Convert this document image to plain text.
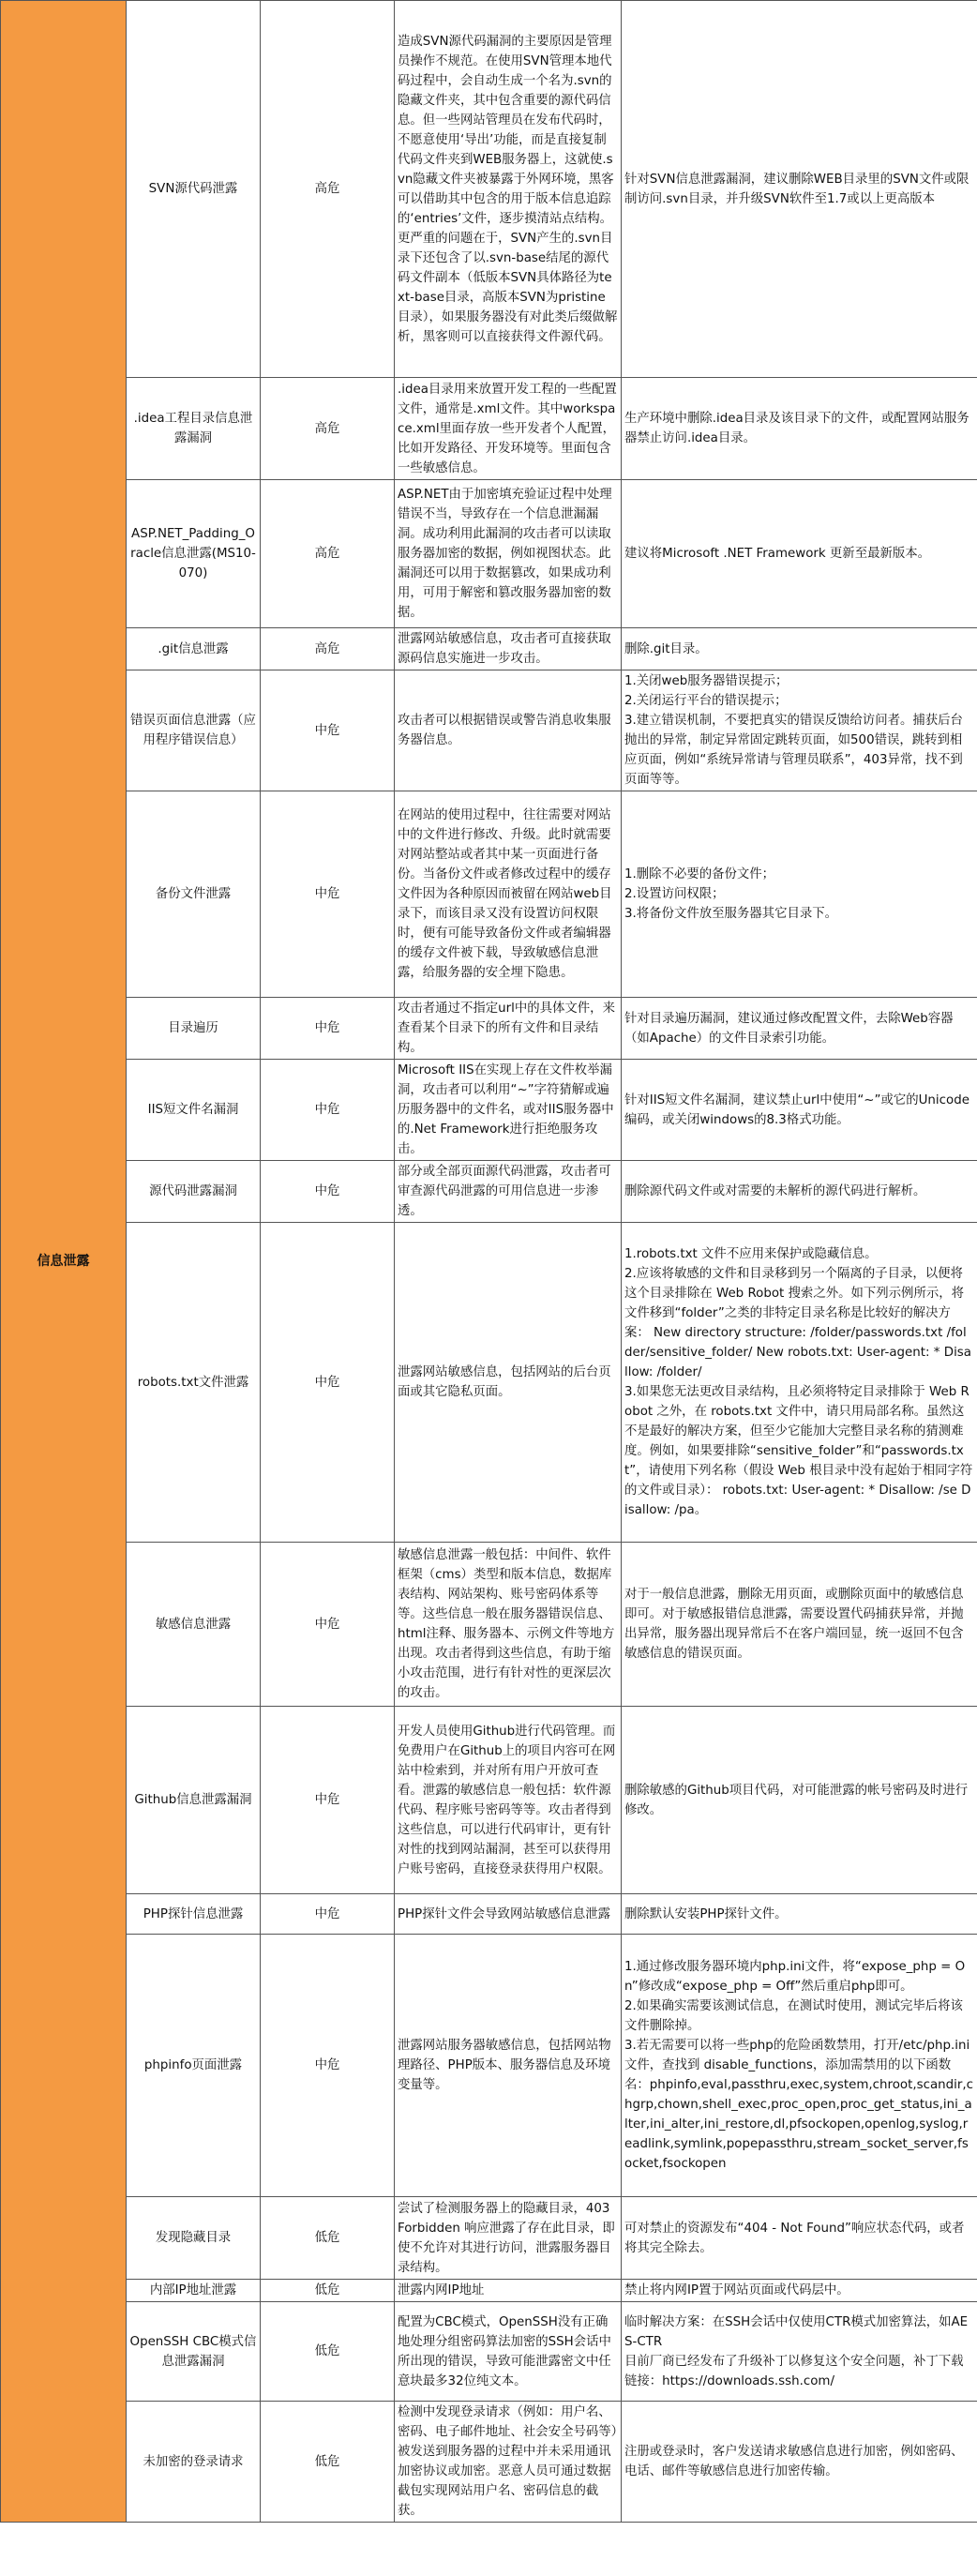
信息泄露	SVN源代码泄露	高危	造成SVN源代码漏洞的主要原因是管理员操作不规范。在使用SVN管理本地代码过程中，会自动生成一个名为.svn的隐藏文件夹，其中包含重要的源代码信息。但一些网站管理员在发布代码时，不愿意使用‘导出’功能，而是直接复制代码文件夹到WEB服务器上，这就使.svn隐藏文件夹被暴露于外网环境，黑客可以借助其中包含的用于版本信息追踪的‘entries’文件，逐步摸清站点结构。
更严重的问题在于，SVN产生的.svn目录下还包含了以.svn-base结尾的源代码文件副本（低版本SVN具体路径为text-base目录，高版本SVN为pristine目录），如果服务器没有对此类后缀做解析，黑客则可以直接获得文件源代码。	针对SVN信息泄露漏洞，建议删除WEB目录里的SVN文件或限制访问.svn目录，并升级SVN软件至1.7或以上更高版本

	.idea工程目录信息泄露漏洞	高危	.idea目录用来放置开发工程的一些配置文件，通常是.xml文件。其中workspace.xml里面存放一些开发者个人配置，比如开发路径、开发环境等。里面包含一些敏感信息。	生产环境中删除.idea目录及该目录下的文件，或配置网站服务器禁止访问.idea目录。

	ASP.NET_Padding_Oracle信息泄露(MS10-070)	高危	ASP.NET由于加密填充验证过程中处理错误不当，导致存在一个信息泄漏漏洞。成功利用此漏洞的攻击者可以读取服务器加密的数据，例如视图状态。此漏洞还可以用于数据篡改，如果成功利用，可用于解密和篡改服务器加密的数据。	建议将Microsoft .NET Framework 更新至最新版本。

	.git信息泄露	高危	泄露网站敏感信息，攻击者可直接获取源码信息实施进一步攻击。	删除.git目录。

	错误页面信息泄露（应用程序错误信息）	中危	攻击者可以根据错误或警告消息收集服务器信息。	1.关闭web服务器错误提示；
2.关闭运行平台的错误提示；
3.建立错误机制，不要把真实的错误反馈给访问者。捕获后台抛出的异常，制定异常固定跳转页面，如500错误，跳转到相应页面，例如“系统异常请与管理员联系”，403异常，找不到页面等等。

	备份文件泄露	中危	在网站的使用过程中，往往需要对网站中的文件进行修改、升级。此时就需要对网站整站或者其中某一页面进行备份。当备份文件或者修改过程中的缓存文件因为各种原因而被留在网站web目录下，而该目录又没有设置访问权限时，便有可能导致备份文件或者编辑器的缓存文件被下载，导致敏感信息泄露，给服务器的安全埋下隐患。	1.删除不必要的备份文件；
2.设置访问权限；
3.将备份文件放至服务器其它目录下。

	目录遍历	中危	攻击者通过不指定url中的具体文件，来查看某个目录下的所有文件和目录结构。	针对目录遍历漏洞，建议通过修改配置文件，去除Web容器（如Apache）的文件目录索引功能。

	IIS短文件名漏洞	中危	Microsoft IIS在实现上存在文件枚举漏洞，攻击者可以利用“~”字符猜解或遍历服务器中的文件名，或对IIS服务器中的.Net Framework进行拒绝服务攻击。	针对IIS短文件名漏洞，建议禁止url中使用“~”或它的Unicode编码，或关闭windows的8.3格式功能。

	源代码泄露漏洞	中危	部分或全部页面源代码泄露，攻击者可审查源代码泄露的可用信息进一步渗透。	删除源代码文件或对需要的未解析的源代码进行解析。

	robots.txt文件泄露	中危	泄露网站敏感信息，包括网站的后台页面或其它隐私页面。	1.robots.txt 文件不应用来保护或隐藏信息。
2.应该将敏感的文件和目录移到另一个隔离的子目录，以便将这个目录排除在 Web Robot 搜索之外。如下列示例所示，将文件移到“folder”之类的非特定目录名称是比较好的解决方案： New directory structure: /folder/passwords.txt /folder/sensitive_folder/ New robots.txt: User-agent: * Disallow: /folder/
3.如果您无法更改目录结构，且必须将特定目录排除于 Web Robot 之外，在 robots.txt 文件中，请只用局部名称。虽然这不是最好的解决方案，但至少它能加大完整目录名称的猜测难度。例如，如果要排除“sensitive_folder”和“passwords.txt”，请使用下列名称（假设 Web 根目录中没有起始于相同字符的文件或目录）： robots.txt: User-agent: * Disallow: /se Disallow: /pa。

	敏感信息泄露	中危	敏感信息泄露一般包括：中间件、软件框架（cms）类型和版本信息，数据库表结构、网站架构、账号密码体系等等。这些信息一般在服务器错误信息、html注释、服务器本、示例文件等地方出现。攻击者得到这些信息，有助于缩小攻击范围，进行有针对性的更深层次的攻击。	对于一般信息泄露，删除无用页面，或删除页面中的敏感信息即可。对于敏感报错信息泄露，需要设置代码捕获异常，并抛出异常，服务器出现异常后不在客户端回显，统一返回不包含敏感信息的错误页面。

	Github信息泄露漏洞	中危	开发人员使用Github进行代码管理。而免费用户在Github上的项目内容可在网站中检索到，并对所有用户开放可查看。泄露的敏感信息一般包括：软件源代码、程序账号密码等等。攻击者得到这些信息，可以进行代码审计，更有针对性的找到网站漏洞，甚至可以获得用户账号密码，直接登录获得用户权限。	删除敏感的Github项目代码，对可能泄露的帐号密码及时进行修改。

	PHP探针信息泄露	中危	PHP探针文件会导致网站敏感信息泄露	删除默认安装PHP探针文件。

	phpinfo页面泄露	中危	泄露网站服务器敏感信息，包括网站物理路径、PHP版本、服务器信息及环境变量等。	1.通过修改服务器环境内php.ini文件，将“expose_php = On”修改成“expose_php = Off”然后重启php即可。
2.如果确实需要该测试信息，在测试时使用，测试完毕后将该文件删除掉。
3.若无需要可以将一些php的危险函数禁用，打开/etc/php.ini文件，查找到 disable_functions，添加需禁用的以下函数名：phpinfo,eval,passthru,exec,system,chroot,scandir,chgrp,chown,shell_exec,proc_open,proc_get_status,ini_alter,ini_alter,ini_restore,dl,pfsockopen,openlog,syslog,readlink,symlink,popepassthru,stream_socket_server,fsocket,fsockopen

	发现隐藏目录	低危	尝试了检测服务器上的隐藏目录，403 Forbidden 响应泄露了存在此目录，即使不允许对其进行访问，泄露服务器目录结构。	可对禁止的资源发布“404 - Not Found”响应状态代码，或者将其完全除去。

	内部IP地址泄露	低危	泄露内网IP地址	禁止将内网IP置于网站页面或代码层中。

	OpenSSH CBC模式信息泄露漏洞	低危	配置为CBC模式，OpenSSH没有正确地处理分组密码算法加密的SSH会话中所出现的错误，导致可能泄露密文中任意块最多32位纯文本。	临时解决方案：在SSH会话中仅使用CTR模式加密算法，如AES-CTR
目前厂商已经发布了升级补丁以修复这个安全问题，补丁下载链接：https://downloads.ssh.com/

	未加密的登录请求	低危	检测中发现登录请求（例如：用户名、密码、电子邮件地址、社会安全号码等）被发送到服务器的过程中并未采用通讯加密协议或加密。恶意人员可通过数据截包实现网站用户名、密码信息的截获。	注册或登录时，客户发送请求敏感信息进行加密，例如密码、电话、邮件等敏感信息进行加密传输。
